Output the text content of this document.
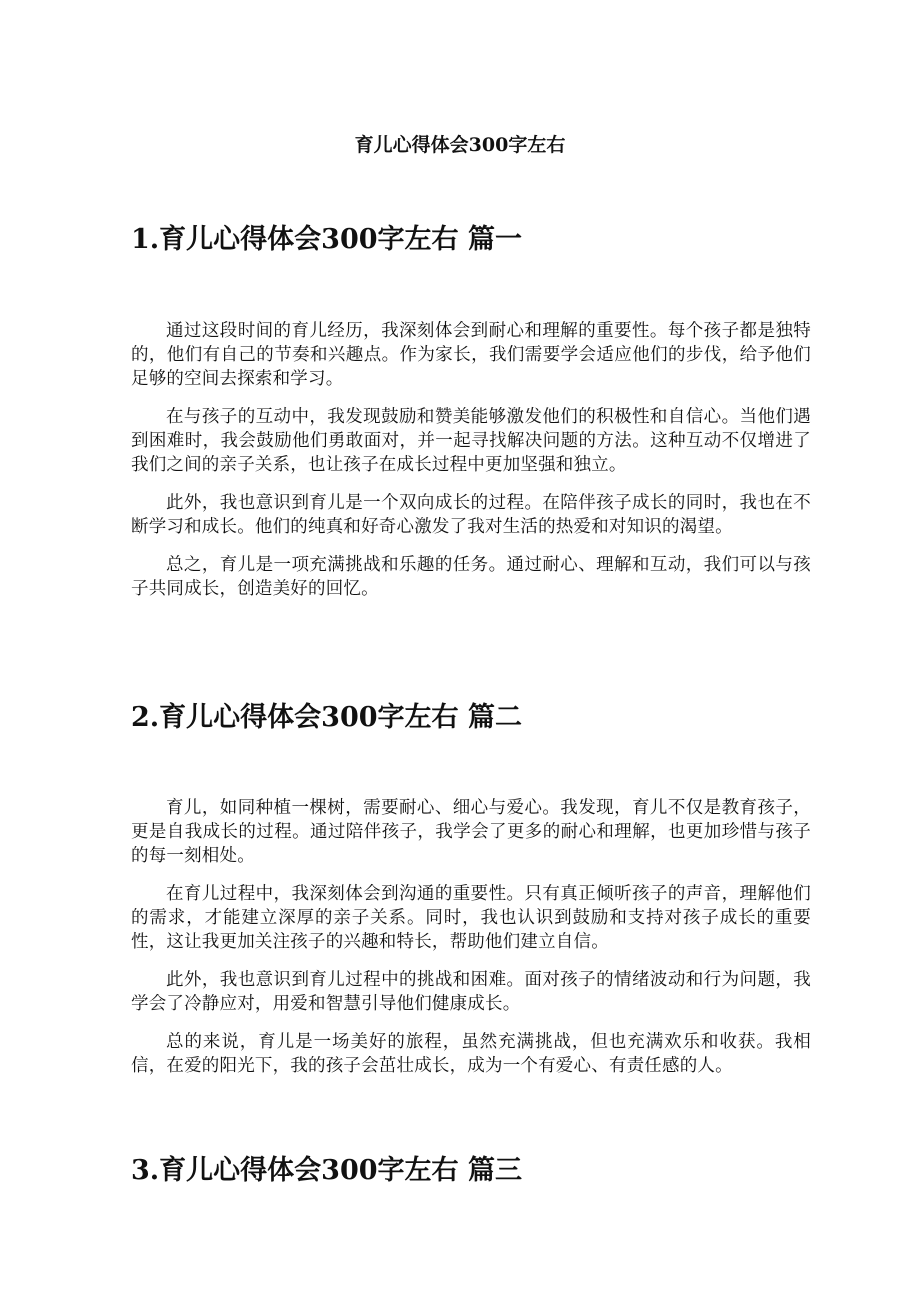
育儿心得体会300字左右
1.育儿心得体会300字左右 篇一

通过这段时间的育儿经历，我深刻体会到耐心和理解的重要性。每个孩子都是独特的，他们有自己的节奏和兴趣点。作为家长，我们需要学会适应他们的步伐，给予他们足够的空间去探索和学习。

在与孩子的互动中，我发现鼓励和赞美能够激发他们的积极性和自信心。当他们遇到困难时，我会鼓励他们勇敢面对，并一起寻找解决问题的方法。这种互动不仅增进了我们之间的亲子关系，也让孩子在成长过程中更加坚强和独立。

此外，我也意识到育儿是一个双向成长的过程。在陪伴孩子成长的同时，我也在不断学习和成长。他们的纯真和好奇心激发了我对生活的热爱和对知识的渴望。

总之，育儿是一项充满挑战和乐趣的任务。通过耐心、理解和互动，我们可以与孩子共同成长，创造美好的回忆。

2.育儿心得体会300字左右 篇二

育儿，如同种植一棵树，需要耐心、细心与爱心。我发现，育儿不仅是教育孩子，更是自我成长的过程。通过陪伴孩子，我学会了更多的耐心和理解，也更加珍惜与孩子的每一刻相处。

在育儿过程中，我深刻体会到沟通的重要性。只有真正倾听孩子的声音，理解他们的需求，才能建立深厚的亲子关系。同时，我也认识到鼓励和支持对孩子成长的重要性，这让我更加关注孩子的兴趣和特长，帮助他们建立自信。

此外，我也意识到育儿过程中的挑战和困难。面对孩子的情绪波动和行为问题，我学会了冷静应对，用爱和智慧引导他们健康成长。

总的来说，育儿是一场美好的旅程，虽然充满挑战，但也充满欢乐和收获。我相信，在爱的阳光下，我的孩子会茁壮成长，成为一个有爱心、有责任感的人。

3.育儿心得体会300字左右 篇三
